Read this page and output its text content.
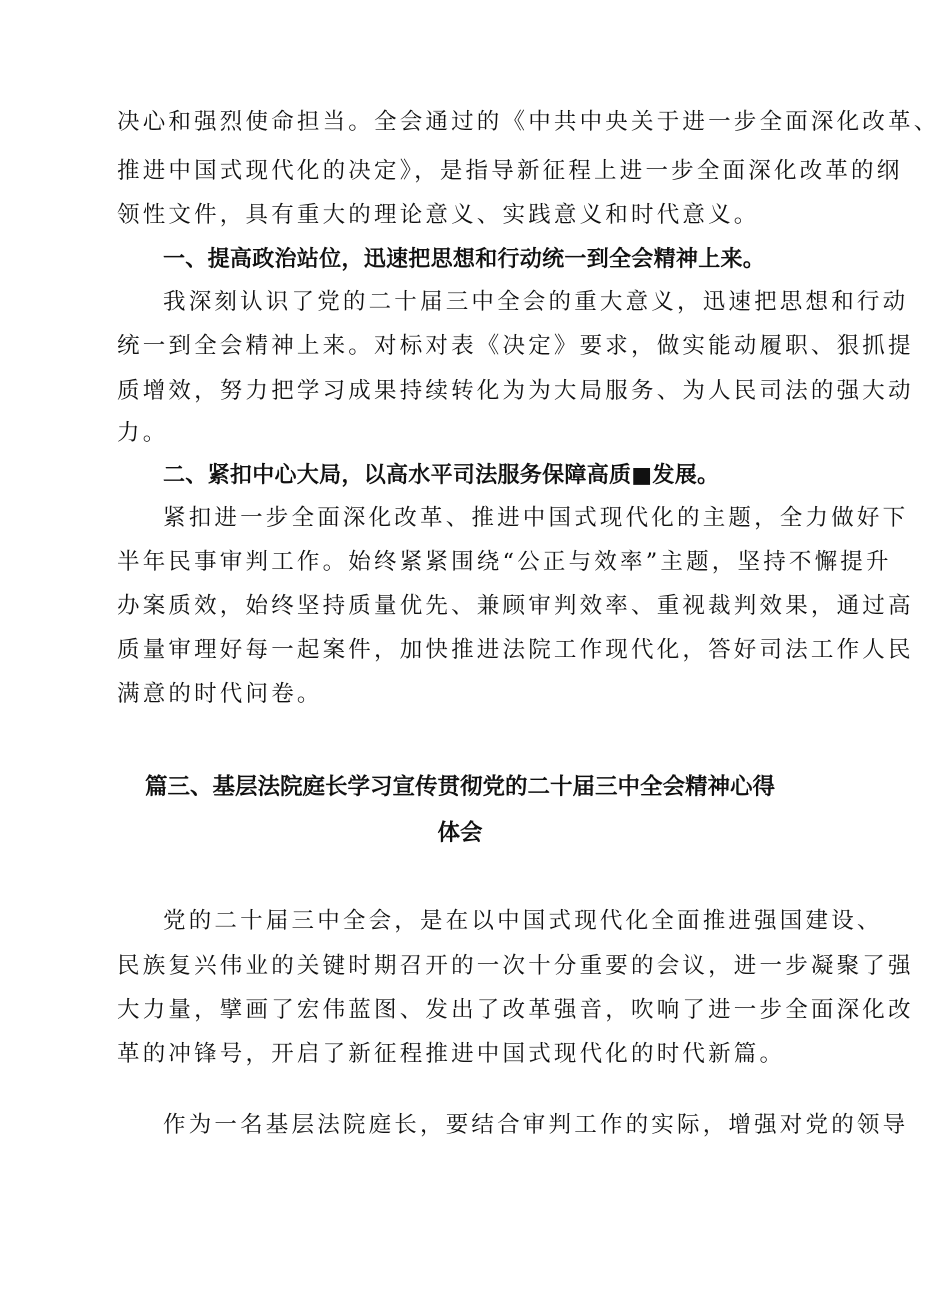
决心和强烈使命担当。全会通过的《中共中央关于进一步全面深化改革、
推进中国式现代化的决定》，是指导新征程上进一步全面深化改革的纲
领性文件，具有重大的理论意义、实践意义和时代意义。
一、提高政治站位，迅速把思想和行动统一到全会精神上来。
我深刻认识了党的二十届三中全会的重大意义，迅速把思想和行动
统一到全会精神上来。对标对表《决定》要求，做实能动履职、狠抓提
质增效，努力把学习成果持续转化为为大局服务、为人民司法的强大动
力。
二、紧扣中心大局，以高水平司法服务保障高质■发展。
紧扣进一步全面深化改革、推进中国式现代化的主题，全力做好下
半年民事审判工作。始终紧紧围绕“公正与效率”主题，坚持不懈提升
办案质效，始终坚持质量优先、兼顾审判效率、重视裁判效果，通过高
质量审理好每一起案件，加快推进法院工作现代化，答好司法工作人民
满意的时代问卷。
篇三、基层法院庭长学习宣传贯彻党的二十届三中全会精神心得
体会
党的二十届三中全会，是在以中国式现代化全面推进强国建设、
民族复兴伟业的关键时期召开的一次十分重要的会议，进一步凝聚了强
大力量，擘画了宏伟蓝图、发出了改革强音，吹响了进一步全面深化改
革的冲锋号，开启了新征程推进中国式现代化的时代新篇。
作为一名基层法院庭长，要结合审判工作的实际，增强对党的领导
